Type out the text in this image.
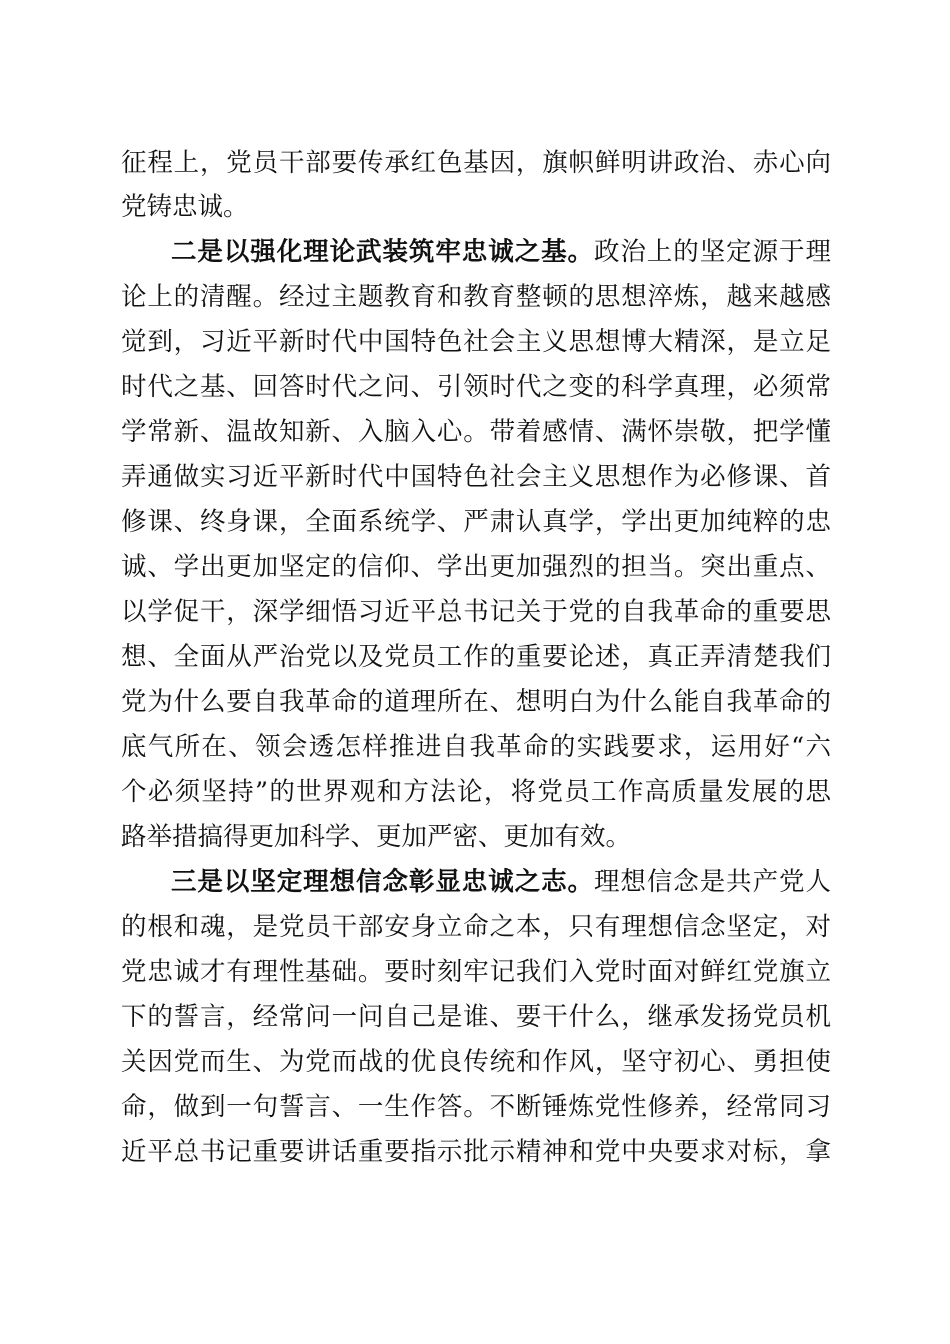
征程上，党员干部要传承红色基因，旗帜鲜明讲政治、赤心向
党铸忠诚。
二是以强化理论武装筑牢忠诚之基。政治上的坚定源于理
论上的清醒。经过主题教育和教育整顿的思想淬炼，越来越感
觉到，习近平新时代中国特色社会主义思想博大精深，是立足
时代之基、回答时代之问、引领时代之变的科学真理，必须常
学常新、温故知新、入脑入心。带着感情、满怀崇敬，把学懂
弄通做实习近平新时代中国特色社会主义思想作为必修课、首
修课、终身课，全面系统学、严肃认真学，学出更加纯粹的忠
诚、学出更加坚定的信仰、学出更加强烈的担当。突出重点、
以学促干，深学细悟习近平总书记关于党的自我革命的重要思
想、全面从严治党以及党员工作的重要论述，真正弄清楚我们
党为什么要自我革命的道理所在、想明白为什么能自我革命的
底气所在、领会透怎样推进自我革命的实践要求，运用好“六
个必须坚持”的世界观和方法论，将党员工作高质量发展的思
路举措搞得更加科学、更加严密、更加有效。
三是以坚定理想信念彰显忠诚之志。理想信念是共产党人
的根和魂，是党员干部安身立命之本，只有理想信念坚定，对
党忠诚才有理性基础。要时刻牢记我们入党时面对鲜红党旗立
下的誓言，经常问一问自己是谁、要干什么，继承发扬党员机
关因党而生、为党而战的优良传统和作风，坚守初心、勇担使
命，做到一句誓言、一生作答。不断锤炼党性修养，经常同习
近平总书记重要讲话重要指示批示精神和党中央要求对标，拿
